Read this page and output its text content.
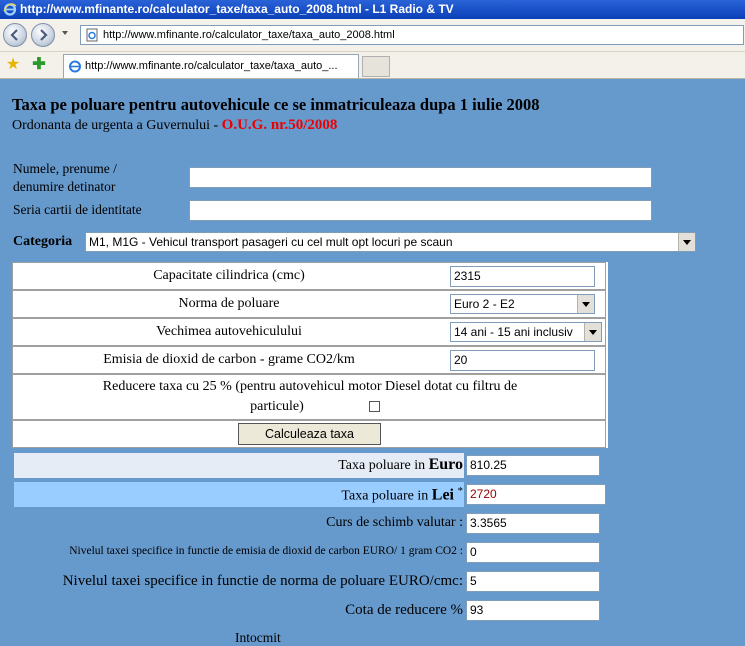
http://www.mfinante.ro/calculator_taxe/taxa_auto_2008.html - L1 Radio & TV
http://www.mfinante.ro/calculator_taxe/taxa_auto_2008.html
★ ✚	http://www.mfinante.ro/calculator_taxe/taxa_auto_...
Taxa pe poluare pentru autovehicule ce se inmatriculeaza dupa 1 iulie 2008
Ordonanta de urgenta a Guvernului - O.U.G. nr.50/2008
Numele, prenume /
denumire detinator
Seria cartii de identitate
Categoria M1, M1G - Vehicul transport pasageri cu cel mult opt locuri pe scaun
Capacitate cilindrica (cmc)
Norma de poluare
Vechimea autovehiculului
Emisia de dioxid de carbon - grame CO2/km
Reducere taxa cu 25 % (pentru autovehicul motor Diesel dotat cu filtru de
particule)
2315
Euro 2 - E2
14 ani - 15 ani inclusiv
20
Calculeaza taxa
Taxa poluare in Euro 810.25
Taxa poluare in Lei * 2720
Curs de schimb valutar : 3.3565
Nivelul taxei specifice in functie de emisia de dioxid de carbon EURO/ 1 gram CO2 : 0
Nivelul taxei specifice in functie de norma de poluare EURO/cmc: 5
Cota de reducere % 93
Intocmit
